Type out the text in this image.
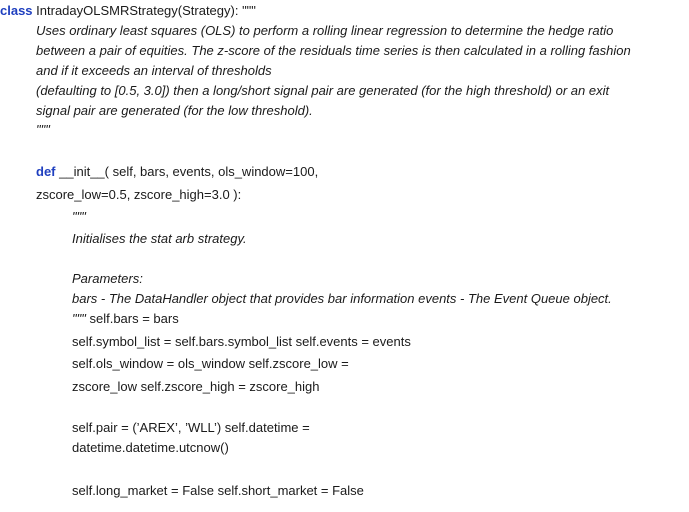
class IntradayOLSMRStrategy(Strategy): """
Uses ordinary least squares (OLS) to perform a rolling linear regression to determine the hedge ratio
between a pair of equities. The z-score of the residuals time series is then calculated in a rolling fashion
and if it exceeds an interval of thresholds
(defaulting to [0.5, 3.0]) then a long/short signal pair are generated (for the high threshold) or an exit
signal pair are generated (for the low threshold).
"""
def __init__( self, bars, events, ols_window=100,
zscore_low=0.5, zscore_high=3.0 ):
"""
Initialises the stat arb strategy.
Parameters:
bars - The DataHandler object that provides bar information events - The Event Queue object.
""" self.bars = bars
self.symbol_list = self.bars.symbol_list self.events = events
self.ols_window = ols_window self.zscore_low =
zscore_low self.zscore_high = zscore_high
self.pair = (’AREX’, ’WLL’) self.datetime =
datetime.datetime.utcnow()
self.long_market = False self.short_market = False
